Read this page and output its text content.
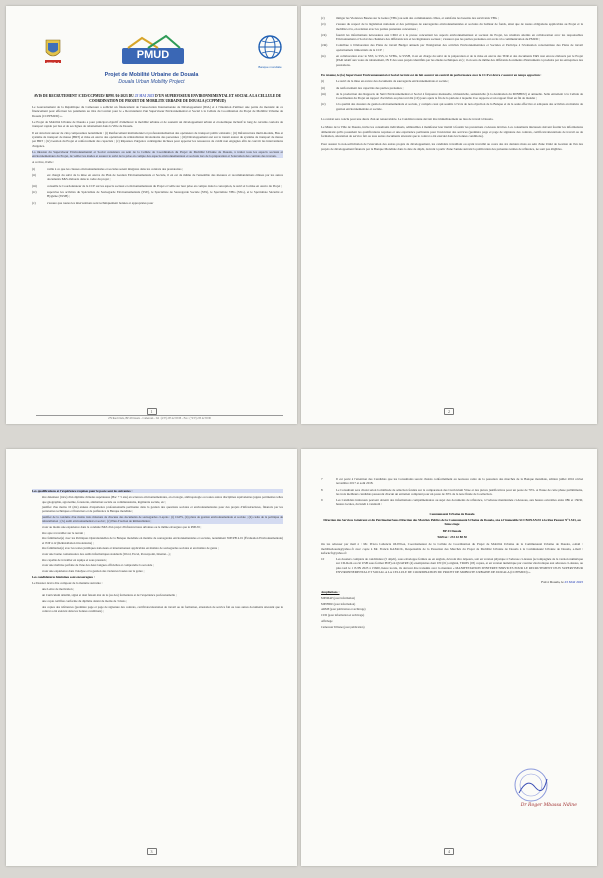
DOUALA
PMUD
Projet de Mobilité Urbaine de Douala
Douala Urban Mobility Project

AVIS DE RECRUTEMENT /CUD/CCPMUD/ RPM /16-2023 DU 23 MAI 2023 D'UN SUPERVISEUR ENVIRONNEMENTAL ET SOCIAL A LA CELLULE DE COORDINATION DU PROJET DE MOBILITE URBAINE DE DOUALA (CCPPMUD)

Le Gouvernement de la République du Cameroun a sollicité un financement de l'Association Internationale de Développement (IDA) et à l'intention d'utiliser une partie du montant de ce financement pour effectuer les paiements au titre du Contrat pour le « Recrutement d'un Superviseur Environnemental et Social à la Cellule de Coordination du Projet de Mobilité Urbaine de Douala (CCPPMUD) ».

Le Projet de Mobilité Urbaine de Douala a pour principal objectif d'améliorer la mobilité urbaine et de soutenir un développement urbain et économique inclusif le long de certains couloirs de transport rapide par bus et de ses lignes de rabattement dans la Ville de Douala.

Il est structuré autour de cinq composantes notamment : (i) Renforcement institutionnel et professionnalisation des opérateurs de transport public existants ; (ii) Infrastructure multi-modale, Bus et système de transport de masse (BRT) et mise en œuvre des opérations de réinstallation involontaire des personnes ; (iii) Développement axé sur le transit autour du système de transport de masse par BRT ; (iv) Gestion du Projet et renforcement des capacités ; (v) Réponses d'urgence contingente incluses pour apporter les ressources de crédit non engagées afin de couvrir les interventions d'urgence.

La mission du Superviseur Environnemental et Social consistera au sein de la Cellule de Coordination du Projet de Mobilité Urbaine de Douala, à traiter tous les aspects sociaux et environnementaux du Projet, de veiller les études et assurer le suivi de la prise en compte des aspects environnementaux et sociaux lors de la préparation et l'exécution des contrats des travaux.

A ce titre, il/elle :

(i)	veille à ce que les clauses environnementales et sociales soient intégrées dans les contrats des prestataires ;

(ii)	est chargé du suivi de la mise en œuvre du Plan de Gestion Environnementale et Sociale, il en est de même de l'ensemble des mesures et recommandations émises par les autres documents E&S élaborés dans le cadre du projet ;

(iii)	conseille le Coordonnateur de la CCP sur les aspects sociaux et environnementaux du Projet et veille sur leur prise en compte dans la conception, le suivi et la mise en œuvre du Projet ;

(iv)	supervise les activités du Spécialiste de Sauvegarde Environnementale (SSE), le Spécialiste de Sauvegarde Sociale (SSS), le Spécialiste VBG (SSG), et le Spécialiste Sécurité et Hygiène (SSSH) ;

(v)	s'assure que toutes les interventions sont techniquement bonnes et appropriées pour

279 Rue Ivindo, BP 43 Douala – Cameroun – Tel : (237) 233 42 83 88 – Fax : (+237) 233 42 83 80
Banque mondiale
(v)	mitiger les Violences Basées sur le Genre (VBG) au sein des communautés cibles, et satisfaire les besoins des survivants VBG ;

(vi)	s'assure du respect de la législation nationale et des politiques de sauvegardes environnementales et sociales du bailleur de fonds, ainsi que de toutes obligations applicables au Projet et la mobilité et la, en relation avec les parties prenantes concernées ;

(vii)	fournit les informations nécessaires aux CMO et à la presse concernant les aspects environnementaux et sociaux du Projet, les résultats atteints en collaboration avec les responsables Environnement et Social des chantiers des différents lots et les Ingénieurs sociaux ; s'assurer que les parties prenantes ont accès à la communication du PMUD ;

(viii)	Contribue à l'élaboration des Plans de travail Budget annuels par l'intégration des activités Environnementales et Sociales et Participe à l'évaluation conscientisée des Plans de travail opérationnels trimestriels de la CCP ;

(ix)	en collaboration avec le SSE, le SSS, le SVBG, le SSSH, il est en charge du suivi de la préparation et de la mise en œuvre des TDR et des documents E&S non encore élaborés par le Projet (PAR relatif aux voies de rabattement, IN E des sous projets identifiés par les études techniques etc) ; il en sera de même des différents documents d'instruments à produire par les entreprises des prestations.

En résumé, le (la) Superviseur Environnemental et Social recruté est de fait assurer un contrôl de performance avec le CCP et devra s'assurer en temps opportun :

(i)	Le suivi de la mise en œuvre des documents de sauvegarde environnementale et sociale ;

(ii)	du renforcement des capacités des parties prenantes ;

(iii)	de la production des Rapports de Suivi Environnemental et Social à fréquence mensuelle, trimestrielle, semestrielle (à la destination du MINHDU) et annuelle. Selle entretient à la Cellule de Coordination du Projet un rapport d'activités au plus tard dix (10) jours après la fin de la période à laquelle il se rapporte et un rapport final en fin de mandat ;

(iv)	à la qualité des dossiers de gestion environnementale et sociale, y compris ceux qui soumis à l'avis de non objection de la Banque et de la seule effective et adéquate des activités en matière de gestion environnementale et sociale.

La contrat sera conclu pour une durée d'un an renouvelable. Le Candidat retenu devrait être immédiatement au lieu de travail à Douala.

Le Maire de la Ville de Douala, invite les consultants individuels, admissibles à manifester leur intérêt à fournir les prestations ci-dessus décrites. Les consultants intéressés doivent fournir les informations démontrant qu'ils possèdent les qualifications requises et une expérience pertinente pour l'exécution des services (première page et page de signature des contrats, certificats/attestations de travail ou de formation, attestation de service fait ou tous autres documents attestant que le contrat a été exécuté dans les bonnes conditions).

Pour assurer la non-sollicitation de l'exécution des autres projets de développement, les candidats travaillant ou ayant travaillé au cours des six derniers mois au sein d'une Unité de Gestion de l'un des projets de développement financés par la Banque Mondiale dans la date de dépôt, doivent à partir d'une l'année suivant la publication des présentes termes de référence, ne sont pas éligibles.

Les qualifications et l'expérience requises pour le poste sont les suivantes :

être détenteur (trice) d'un diplôme d'études supérieures (Bac + 5 ans) en sciences environnementales, en écologie, anthropologie ou toutes autres disciplines équivalentes jugées pertinentes telles que géographie, agronomie, foresterie, animation sociale ou communautaire, ingénierie sociale, etc ;

justifier d'au moins 10 (dix) années d'expérience professionnelle pertinente dans la gestion des questions sociales et environnementales pour des projets d'infrastructures, financés par les partenaires techniques et financiers et de préférence la Banque mondiale ;

justifier de la conduite d'au moins trois missions de chacune des documents de sauvegardes ci-après : (i) CGES, (ii) plans de gestion environnementale et sociale ; (ii) cadre de la politique de réinstallation ; (iv) audit environnemental et social ; (v) Plan d'Action de Réinstallation ;

avoir au moins une expérience dans la conduite E&S d'un projet d'infrastructures urbaines ou le même envergure que le PMUD ;

être apte à travailler sur le terrain ;

être familiarisé(e) avec les Politiques Opérationnelles de la Banque mondiale en matière de sauvegardes environnementales et sociales, notamment l'OP/PB 4.01 (Évaluation Environnementale) et l'OP 4.12 (Réinstallation involontaire) ;

être familiarisé(e) avec les textes juridiques nationaux et internationaux applicables en matière de sauvegardes sociales et en matière de genre ;

avoir une bonne connaissance des outils informatiques standards (Word, Excel, Powerpoint, Internet...) ;

être capable de travailler en équipe et sous pression ;

avoir une maîtrise parfaite de l'une des deux langues officielles et comprendre la seconde ;

avoir une expérience dans l'analyse et la gestion des violences basées sur le genre ;

Les candidatures féminines sont encouragées :

Le Dossier devra être composé de la manière suivante :

une Lettre de motivation ;

un Curriculum détaillé, signé et daté faisant état de la (ou des) formations et de l'expérience professionnelle ;

une copie certifiée conforme du diplôme datant de moins de 3 mois ;

des copies des références (première page et page de signature des contrats, certificats/attestation de travail ou de formation, attestation de service fait ou tous autres documents attestant que le contrat a été exécuté dans les bonnes conditions) ;

7	Il est porté à l'attention des Candidats que les Consultants seront choisis conformément au nouveau cadre de la passation des marchés de la Banque mondiale, édition juillet 2016 révisé novembre 2017 et août 2018.

8	Le Consultant sera choisi selon la méthode de sélection fondée sur la comparaison des Curriculum Vitae et des pièces justificatives pour un poste de 70%. A l'issue de cette phase préliminaire, les trois meilleurs candidats passeront chacun un entretien comptant pour un poste de 30% de la note finale de la sélection.

9	Les Candidats intéressés peuvent obtenir des informations complémentaires au sujet des documents de référence, à l'adresse mentionnée ci-dessous, aux heures ouvrables entre 08h et 15h30, heures locales, du lundi à vendredi :

Communauté Urbaine de Douala
Direction des Services Généraux et du Patrimoine/Sous-Direction des Marchés Publics de la Communauté Urbaine de Douala, sise à l'immeuble SCI BONANJO à la Rue Pasteur N°1.543, au 5ème étage
BP 43 Douala
Tél/Fax : 233 42 88 50

Ou les adresser par mail à : Mr. Prisca Laliencia OLINGA, Coordonnateur de la Cellule de Coordination du Projet de Mobilité Urbaine de la Communauté Urbaine de Douala, e.mail : mobilitedouala@yahoo.fr avec copie à Mr. Franck KAFACK, Responsable de la Passation des Marchés du Projet de Mobilité Urbaine de Douala à la Communauté Urbaine de Douala, e.mail : kafackcfr@yahoo.fr

10	Les dossiers complets de candidature (5 dépôt), sous enveloppe fermée ou en anglais, devront être déposés, soit en version physique à l'adresse ci-dessus (accompagnée de la version numérique sur CD-Rom ou clé USB sous format PDF) en QUATRE (4) exemplaires dont UN (01) original, TROIS (03) copies, et en version numérique par courrier électronique aux adresses ci-dessus, au plus tard le 1 JUIN 2023 à 15h00, heure locale, ils devront être transmis avec la mention « MANIFESTATION D'INTERET/SERVICES POUR LE RECRUTEMENT D'UN SUPERVISEUR ENVIRONNEMENTAL ET SOCIAL A LA CELLULE DE COORDINATION DU PROJET DE MOBILITE URBAINE DE DOUALA (CCPPMUD) ».

Fait à Douala, le 23 MAI 2023
Ampliations :
MINMAP (pour information)
MINHDU (pour information)
ARMP (pour publication et archivage)
CUD (pour information et archivage)
Affichage
Cameroun Tribune (pour publication)
Dr Roger Mbassa Ndine
1	2
3	4
